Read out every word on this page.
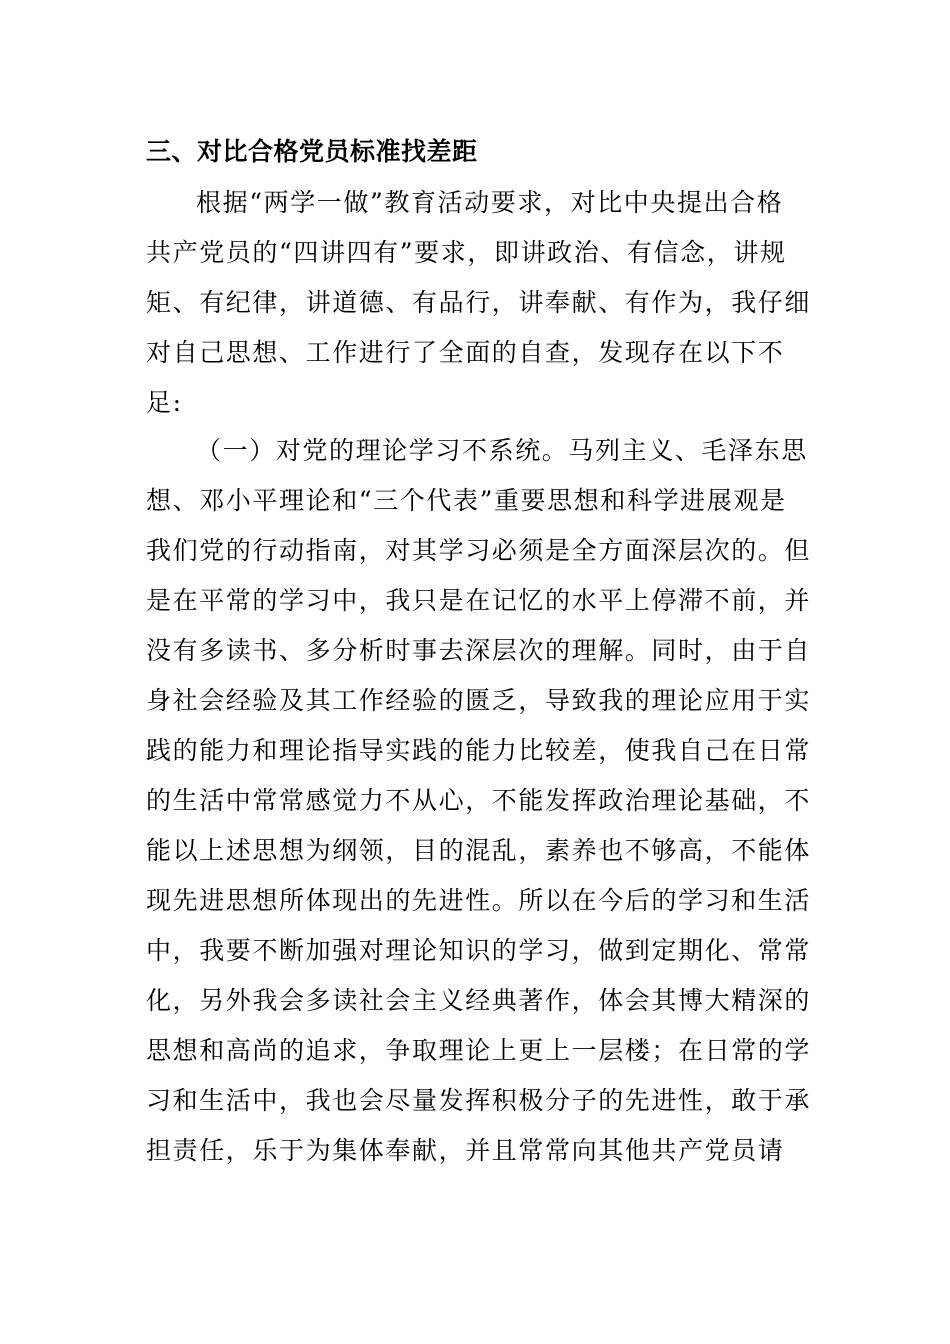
三、对比合格党员标准找差距
根据“两学一做”教育活动要求，对比中央提出合格
共产党员的“四讲四有”要求，即讲政治、有信念，讲规
矩、有纪律，讲道德、有品行，讲奉献、有作为，我仔细
对自己思想、工作进行了全面的自查，发现存在以下不
足:
（一）对党的理论学习不系统。马列主义、毛泽东思
想、邓小平理论和“三个代表”重要思想和科学进展观是
我们党的行动指南，对其学习必须是全方面深层次的。但
是在平常的学习中，我只是在记忆的水平上停滞不前，并
没有多读书、多分析时事去深层次的理解。同时，由于自
身社会经验及其工作经验的匮乏，导致我的理论应用于实
践的能力和理论指导实践的能力比较差，使我自己在日常
的生活中常常感觉力不从心，不能发挥政治理论基础，不
能以上述思想为纲领，目的混乱，素养也不够高，不能体
现先进思想所体现出的先进性。所以在今后的学习和生活
中，我要不断加强对理论知识的学习，做到定期化、常常
化，另外我会多读社会主义经典著作，体会其博大精深的
思想和高尚的追求，争取理论上更上一层楼；在日常的学
习和生活中，我也会尽量发挥积极分子的先进性，敢于承
担责任，乐于为集体奉献，并且常常向其他共产党员请
